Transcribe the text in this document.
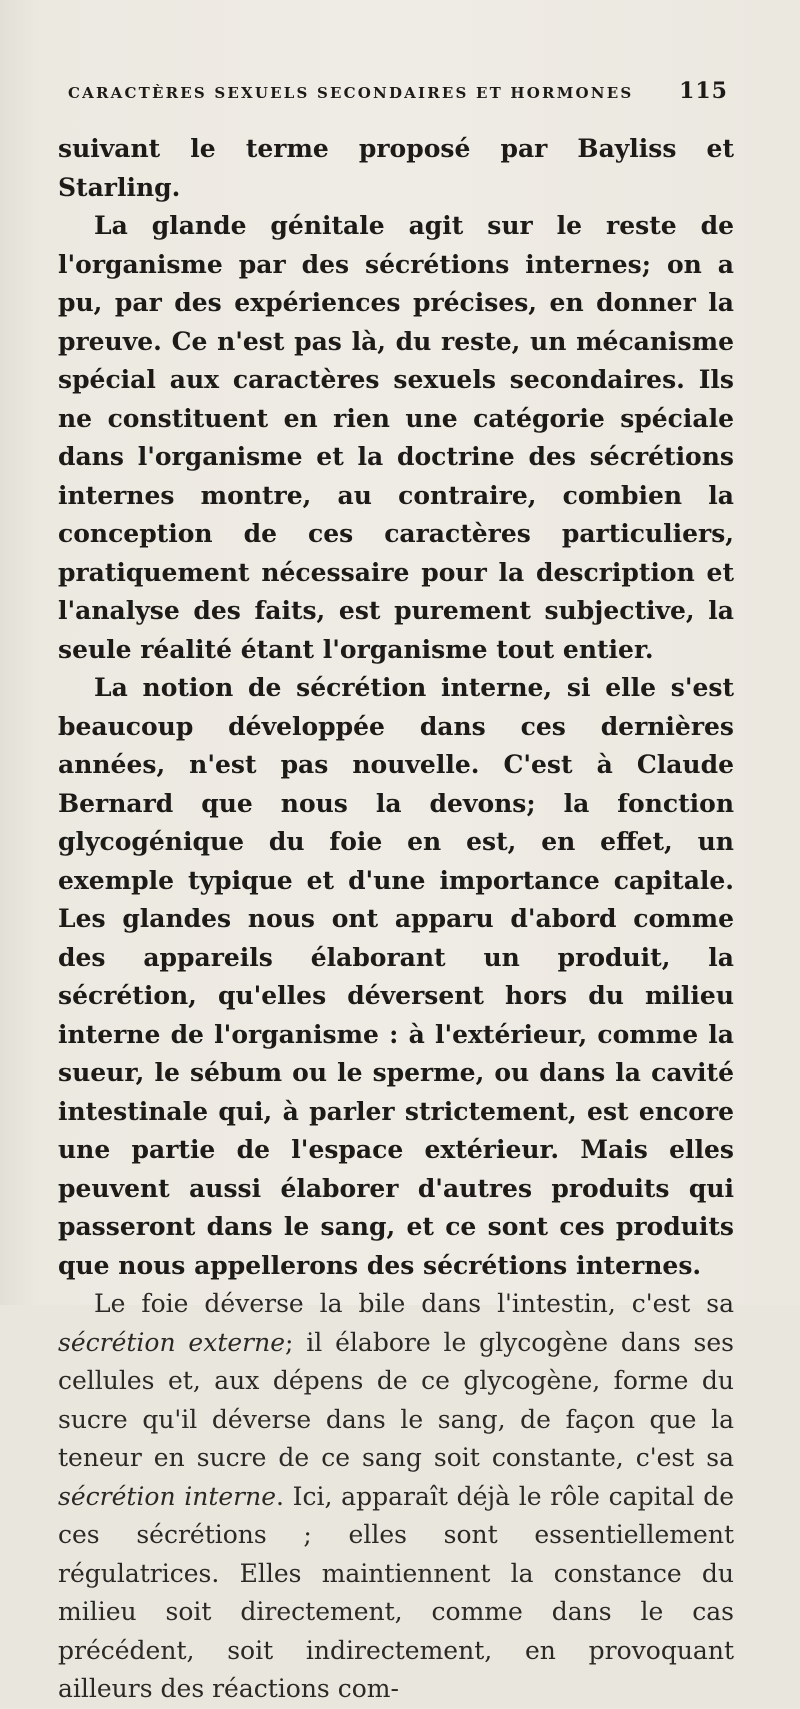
CARACTÈRES SEXUELS SECONDAIRES ET HORMONES 115

suivant le terme proposé par Bayliss et Starling.

La glande génitale agit sur le reste de l'organisme par des sécrétions internes; on a pu, par des expériences précises, en donner la preuve. Ce n'est pas là, du reste, un mécanisme spécial aux caractères sexuels secondaires. Ils ne constituent en rien une catégorie spéciale dans l'organisme et la doctrine des sécrétions internes montre, au contraire, combien la conception de ces caractères particuliers, pratiquement nécessaire pour la description et l'analyse des faits, est purement subjective, la seule réalité étant l'organisme tout entier.

La notion de sécrétion interne, si elle s'est beaucoup développée dans ces dernières années, n'est pas nouvelle. C'est à Claude Bernard que nous la devons; la fonction glycogénique du foie en est, en effet, un exemple typique et d'une importance capitale. Les glandes nous ont apparu d'abord comme des appareils élaborant un produit, la sécrétion, qu'elles déversent hors du milieu interne de l'organisme : à l'extérieur, comme la sueur, le sébum ou le sperme, ou dans la cavité intestinale qui, à parler strictement, est encore une partie de l'espace extérieur. Mais elles peuvent aussi élaborer d'autres produits qui passeront dans le sang, et ce sont ces produits que nous appellerons des sécrétions internes.

Le foie déverse la bile dans l'intestin, c'est sa sécrétion externe; il élabore le glycogène dans ses cellules et, aux dépens de ce glycogène, forme du sucre qu'il déverse dans le sang, de façon que la teneur en sucre de ce sang soit constante, c'est sa sécrétion interne. Ici, apparaît déjà le rôle capital de ces sécrétions ; elles sont essentiellement régulatrices. Elles maintiennent la constance du milieu soit directement, comme dans le cas précédent, soit indirectement, en provoquant ailleurs des réactions com-
